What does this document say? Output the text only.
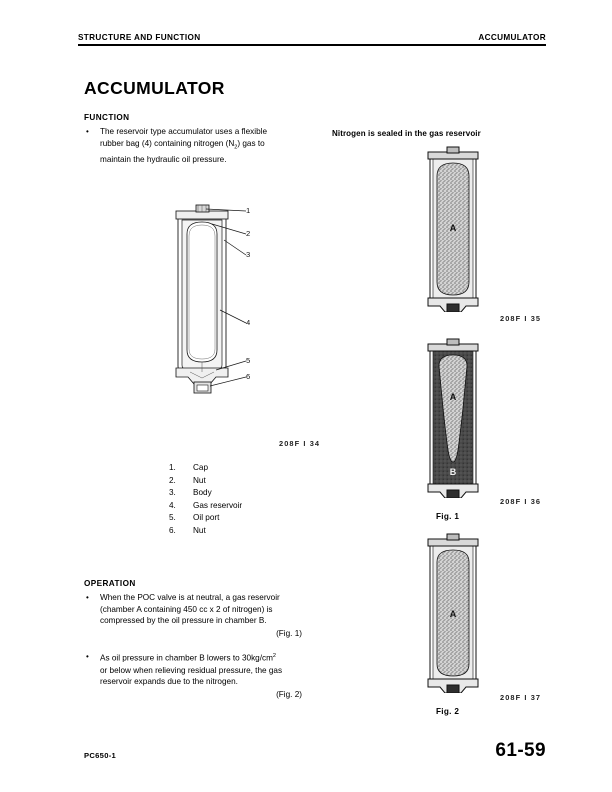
STRUCTURE AND FUNCTION	ACCUMULATOR
ACCUMULATOR
FUNCTION
•	The reservoir type accumulator uses a flexible
rubber bag (4) containing nitrogen $(N_2)$ gas to
maintain the hydraulic oil pressure.
1
2
3
4
5
6
208F I 34
1.	Cap
2.	Nut
3.	Body
4.	Gas reservoir
5.	Oil port
6.	Nut
OPERATION
•	When the POC valve is at neutral, a gas reservoir
(chamber A containing 450 cc x 2 of nitrogen) is
compressed by the oil pressure in chamber B.
(Fig. 1)
•	As oil pressure in chamber B lowers to $30kg/cm^2$
or below when relieving residual pressure, the gas
reservoir expands due to the nitrogen.
(Fig. 2)
Nitrogen is sealed in the gas reservoir
A
208F I 35
A
B
208F I 36
Fig. 1
A
208F I 37
Fig. 2
PC650-1	61-59
